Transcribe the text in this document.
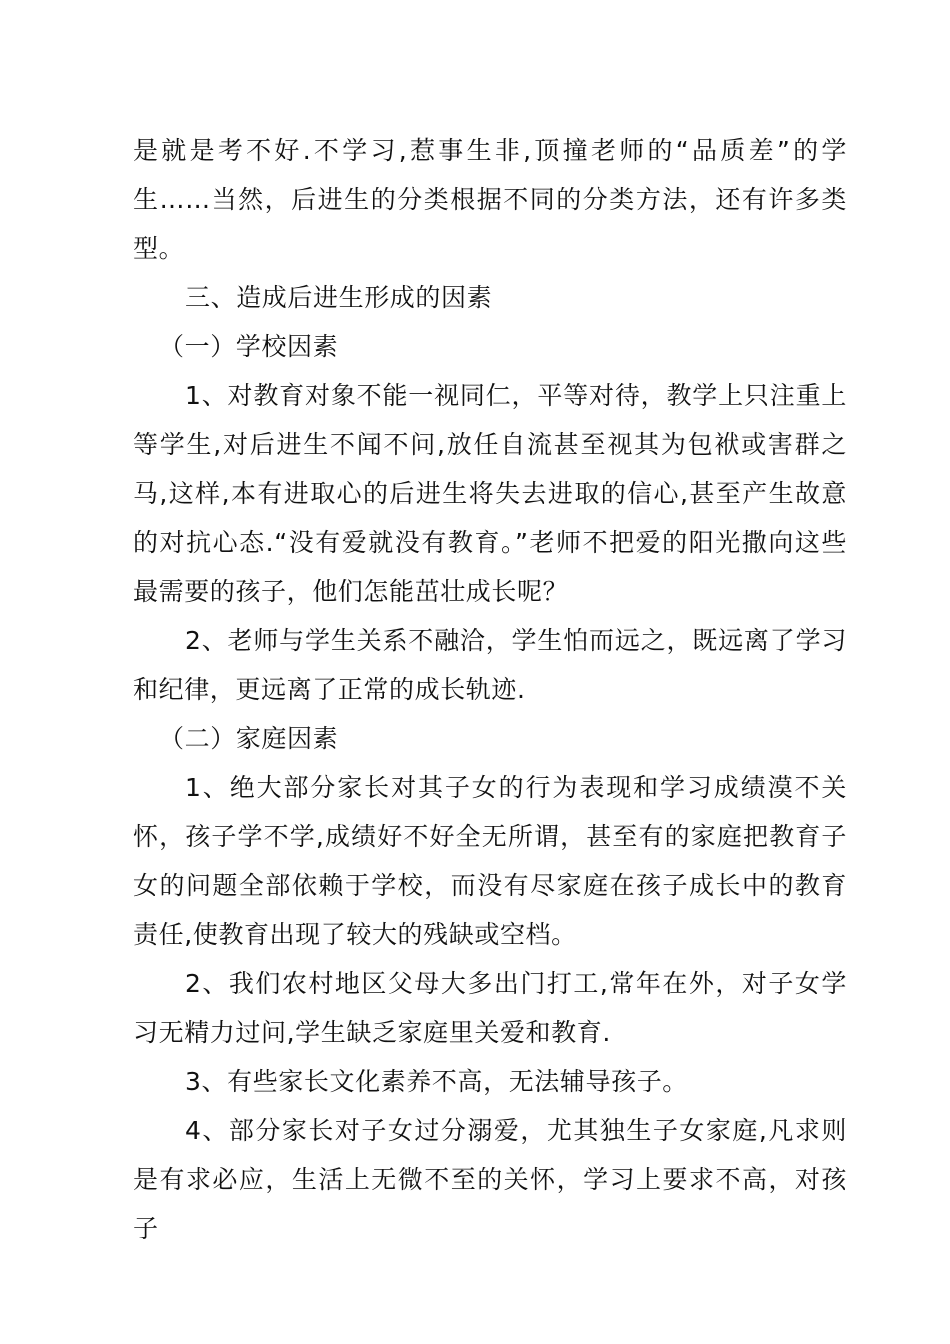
是就是考不好.不学习,惹事生非,顶撞老师的“品质差”的学生……当然，后进生的分类根据不同的分类方法，还有许多类型。

三、造成后进生形成的因素

（一）学校因素

1、对教育对象不能一视同仁，平等对待，教学上只注重上等学生,对后进生不闻不问,放任自流甚至视其为包袱或害群之马,这样,本有进取心的后进生将失去进取的信心,甚至产生故意的对抗心态.“没有爱就没有教育。”老师不把爱的阳光撒向这些最需要的孩子，他们怎能茁壮成长呢？

2、老师与学生关系不融洽，学生怕而远之，既远离了学习和纪律，更远离了正常的成长轨迹.

（二）家庭因素

1、绝大部分家长对其子女的行为表现和学习成绩漠不关怀，孩子学不学,成绩好不好全无所谓，甚至有的家庭把教育子女的问题全部依赖于学校，而没有尽家庭在孩子成长中的教育责任,使教育出现了较大的残缺或空档。

2、我们农村地区父母大多出门打工,常年在外，对子女学习无精力过问,学生缺乏家庭里关爱和教育.

3、有些家长文化素养不高，无法辅导孩子。

4、部分家长对子女过分溺爱，尤其独生子女家庭,凡求则是有求必应，生活上无微不至的关怀，学习上要求不高，对孩子
